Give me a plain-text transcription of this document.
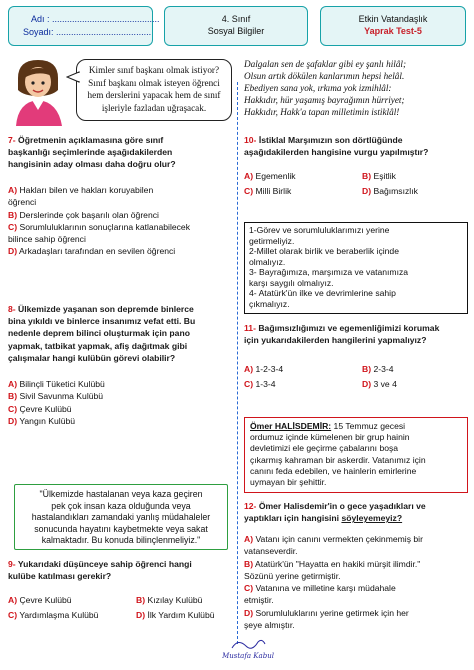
Adı : ...........................................
Soyadı: ......................................
4. Sınıf
Sosyal Bilgiler
Etkin Vatandaşlık
Yaprak Test-5
Kimler sınıf başkanı olmak istiyor?
Sınıf başkanı olmak isteyen öğrenci
hem derslerini yapacak hem de sınıf
işleriyle fazladan uğraşacak.
7- Öğretmenin açıklamasına göre sınıf
başkanlığı seçimlerinde aşağıdakilerden
hangisinin aday olması daha doğru olur?
A) Hakları bilen ve hakları koruyabilen
öğrenci
B) Derslerinde çok başarılı olan öğrenci
C) Sorumluluklarının sonuçlarına katlanabilecek
bilince sahip öğrenci
D) Arkadaşları tarafından en sevilen öğrenci
8- Ülkemizde yaşanan son depremde binlerce
bina yıkıldı ve binlerce insanımız vefat etti. Bu
nedenle deprem bilinci oluşturmak için pano
yapmak, tatbikat yapmak, afiş dağıtmak gibi
çalışmalar hangi kulübün görevi olabilir?
A) Bilinçli Tüketici Kulübü
B) Sivil Savunma Kulübü
C) Çevre Kulübü
D) Yangın Kulübü
"Ülkemizde hastalanan veya kaza geçiren
pek çok insan kaza olduğunda veya
hastalandıkları zamandaki yanlış müdahaleler
sonucunda hayatını kaybetmekte veya sakat
kalmaktadır. Bu konuda bilinçlenmeliyiz."
9- Yukarıdaki düşünceye sahip öğrenci hangi
kulübe katılması gerekir?
A) Çevre Kulübü	B) Kızılay Kulübü
C) Yardımlaşma Kulübü	D) İlk Yardım Kulübü
Dalgalan sen de şafaklar gibi ey şanlı hilâl;
Olsun artık dökülen kanlarımın hepsi helâl.
Ebediyen sana yok, ırkıma yok izmihlâl:
Hakkıdır, hür yaşamış bayrağımın hürriyet;
Hakkıdır, Hakk'a tapan milletimin istiklâl!
10- İstiklal Marşımızın son dörtlüğünde
aşağıdakilerden hangisine vurgu yapılmıştır?
A) Egemenlik	B) Eşitlik
C) Milli Birlik	D) Bağımsızlık
1-Görev ve sorumluluklarımızı yerine
getirmeliyiz.
2-Millet olarak birlik ve beraberlik içinde
olmalıyız.
3- Bayrağımıza, marşımıza ve vatanımıza
karşı saygılı olmalıyız.
4- Atatürk'ün ilke ve devrimlerine sahip
çıkmalıyız.
11- Bağımsızlığımızı ve egemenliğimizi korumak
için yukarıdakilerden hangilerini yapmalıyız?
A) 1-2-3-4	B) 2-3-4
C) 1-3-4	D) 3 ve 4
Ömer HALİSDEMİR: 15 Temmuz gecesi
ordumuz içinde kümelenen bir grup hainin
devletimizi ele geçirme çabalarını boşa
çıkarmış kahraman bir askerdir. Vatanımız için
canını feda edebilen, ve hainlerin emirlerine
uymayan bir şehittir.
12- Ömer Halisdemir'in o gece yaşadıkları ve
yaptıkları için hangisini söyleyemeyiz?
A) Vatanı için canını vermekten çekinmemiş bir
vatanseverdir.
B) Atatürk'ün "Hayatta en hakiki mürşit ilimdir."
Sözünü yerine getirmiştir.
C) Vatanına ve milletine karşı müdahale
etmiştir.
D) Sorumluluklarını yerine getirmek için her
şeye almıştır.
Mustafa Kabul
